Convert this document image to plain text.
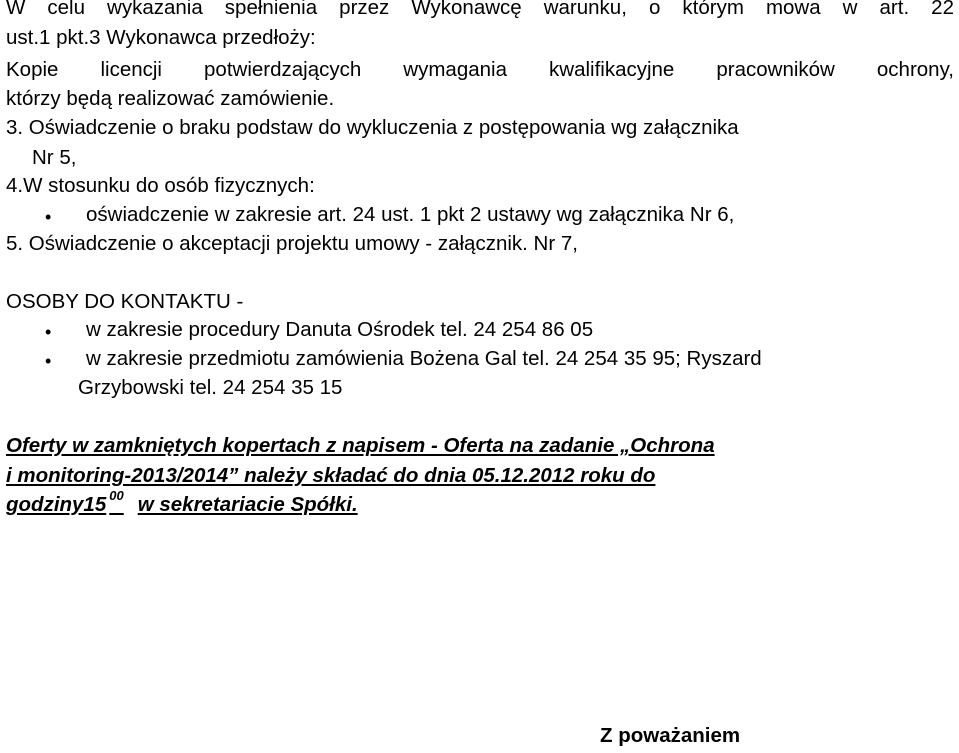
W celu wykazania spełnienia przez Wykonawcę warunku, o którym mowa w art. 22
ust.1 pkt.3 Wykonawca przedłoży:
Kopie licencji potwierdzających wymagania kwalifikacyjne pracowników ochrony,
którzy będą realizować zamówienie.
3. Oświadczenie o braku podstaw do wykluczenia z postępowania wg załącznika
Nr 5,
4.W stosunku do osób fizycznych:
• oświadczenie w zakresie art. 24 ust. 1 pkt 2 ustawy wg załącznika Nr 6,
5. Oświadczenie o akceptacji projektu umowy - załącznik. Nr 7,
OSOBY DO KONTAKTU -
• w zakresie procedury Danuta Ośrodek tel. 24 254 86 05
• w zakresie przedmiotu zamówienia Bożena Gal tel. 24 254 35 95; Ryszard
Grzybowski tel. 24 254 35 15
Oferty w zamkniętych kopertach z napisem - Oferta na zadanie „Ochrona
i monitoring-2013/2014” należy składać do dnia 05.12.2012 roku do
godziny15 $^{00}$ w sekretariacie Spółki.
Z poważaniem
